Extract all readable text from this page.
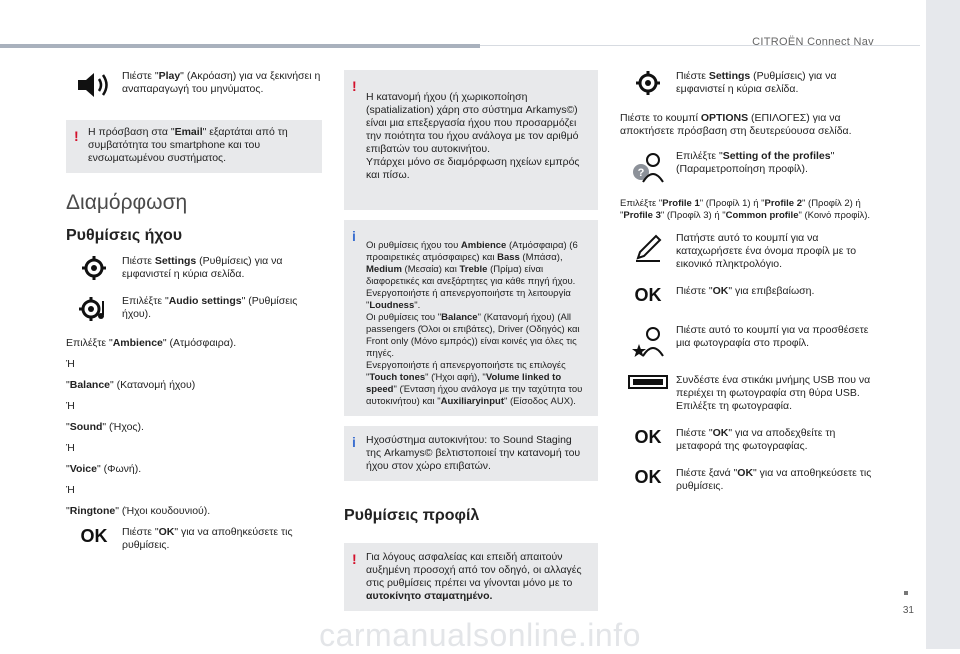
CITROËN Connect Nav
31
carmanualsonline.info

Πιέστε "Play" (Ακρόαση) για να ξεκινήσει η αναπαραγωγή του μηνύματος.

! Η πρόσβαση στα "Email" εξαρτάται από τη συμβατότητα του smartphone και του ενσωματωμένου συστήματος.
Διαμόρφωση
Ρυθμίσεις ήχου

Πιέστε Settings (Ρυθμίσεις) για να εμφανιστεί η κύρια σελίδα.

Επιλέξτε "Audio settings" (Ρυθμίσεις ήχου).

Επιλέξτε "Ambience" (Ατμόσφαιρα).

Ή

"Balance" (Κατανομή ήχου)

Ή

"Sound" (Ήχος).

Ή

"Voice" (Φωνή).

Ή

"Ringtone" (Ήχοι κουδουνιού).

OK Πιέστε "OK" για να αποθηκεύσετε τις ρυθμίσεις.

!
Η κατανομή ήχου (ή χωρικοποίηση (spatialization) χάρη στο σύστημα Arkamys©) είναι μια επεξεργασία ήχου που προσαρμόζει την ποιότητα του ήχου ανάλογα με τον αριθμό επιβατών του αυτοκινήτου.
Υπάρχει μόνο σε διαμόρφωση ηχείων εμπρός και πίσω.

i
Οι ρυθμίσεις ήχου του Ambience (Ατμόσφαιρα) (6 προαιρετικές ατμόσφαιρες) και Bass (Μπάσα), Medium (Μεσαία) και Treble (Πρίμα) είναι διαφορετικές και ανεξάρτητες για κάθε πηγή ήχου.
Ενεργοποιήστε ή απενεργοποιήστε τη λειτουργία "Loudness".
Οι ρυθμίσεις του "Balance" (Κατανομή ήχου) (All passengers (Όλοι οι επιβάτες), Driver (Οδηγός) και Front only (Μόνο εμπρός)) είναι κοινές για όλες τις πηγές.
Ενεργοποιήστε ή απενεργοποιήστε τις επιλογές "Touch tones" (Ήχοι αφή), "Volume linked to speed" (Ένταση ήχου ανάλογα με την ταχύτητα του αυτοκινήτου) και "Auxiliaryinput" (Είσοδος AUX).

i Ηχοσύστημα αυτοκινήτου: το Sound Staging της Arkamys© βελτιστοποιεί την κατανομή του ήχου στον χώρο επιβατών.
Ρυθμίσεις προφίλ
! Για λόγους ασφαλείας και επειδή απαιτούν αυξημένη προσοχή από τον οδηγό, οι αλλαγές στις ρυθμίσεις πρέπει να γίνονται μόνο με το αυτοκίνητο σταματημένο.

Πιέστε Settings (Ρυθμίσεις) για να εμφανιστεί η κύρια σελίδα.

Πιέστε το κουμπί OPTIONS (ΕΠΙΛΟΓΕΣ) για να αποκτήσετε πρόσβαση στη δευτερεύουσα σελίδα.

?

Επιλέξτε "Setting of the profiles" (Παραμετροποίηση προφίλ).

Επιλέξτε "Profile 1" (Προφίλ 1) ή "Profile 2" (Προφίλ 2) ή "Profile 3" (Προφίλ 3) ή "Common profile" (Κοινό προφίλ).

Πατήστε αυτό το κουμπί για να καταχωρήσετε ένα όνομα προφίλ με το εικονικό πληκτρολόγιο.

OK Πιέστε "OK" για επιβεβαίωση.

Πιέστε αυτό το κουμπί για να προσθέσετε μια φωτογραφία στο προφίλ.

Συνδέστε ένα στικάκι μνήμης USB που να περιέχει τη φωτογραφία στη θύρα USB. Επιλέξτε τη φωτογραφία.

OK Πιέστε "OK" για να αποδεχθείτε τη μεταφορά της φωτογραφίας.

OK Πιέστε ξανά "OK" για να αποθηκεύσετε τις ρυθμίσεις.
